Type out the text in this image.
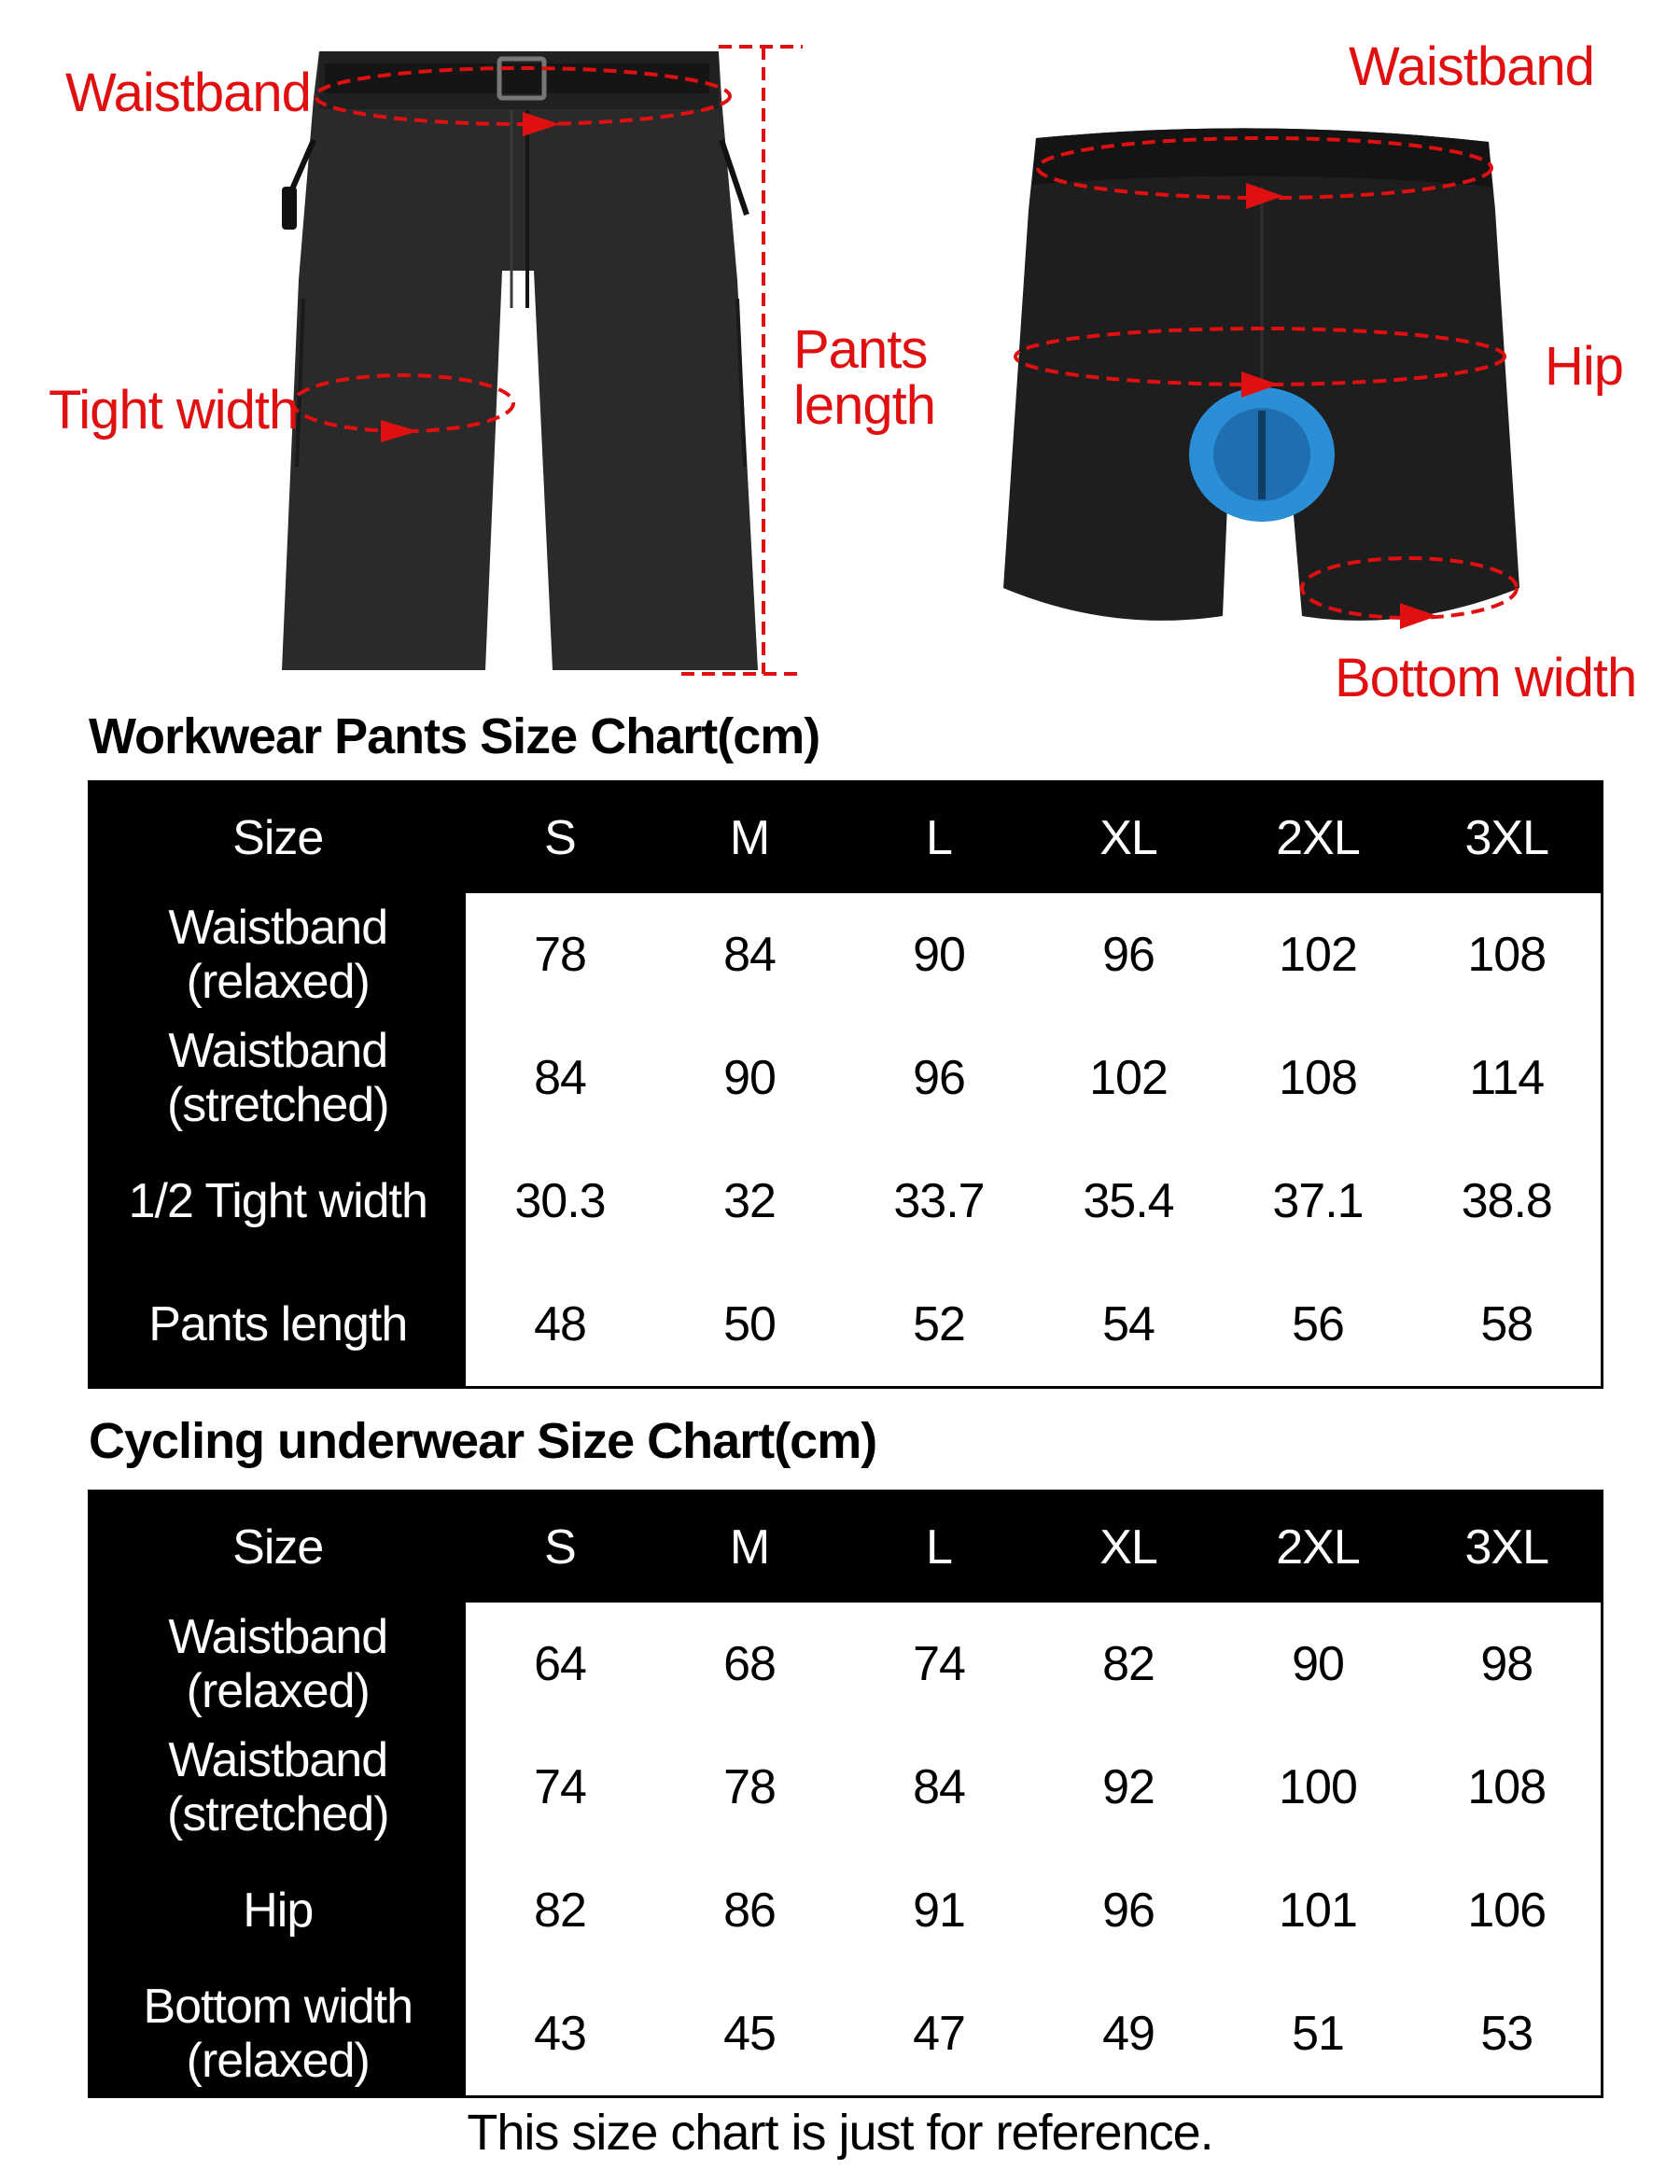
Waistband
Tight width
Pants
length
Waistband
Hip
Bottom width
Workwear Pants Size Chart(cm)
Size	S	M	L	XL	2XL	3XL

Waistband
(relaxed)	78	84	90	96	102	108

Waistband
(stretched)	84	90	96	102	108	114

1/2 Tight width	30.3	32	33.7	35.4	37.1	38.8

Pants length	48	50	52	54	56	58
Cycling underwear Size Chart(cm)
Size	S	M	L	XL	2XL	3XL

Waistband
(relaxed)	64	68	74	82	90	98

Waistband
(stretched)	74	78	84	92	100	108

Hip	82	86	91	96	101	106

Bottom width
(relaxed)	43	45	47	49	51	53
This size chart is just for reference.
